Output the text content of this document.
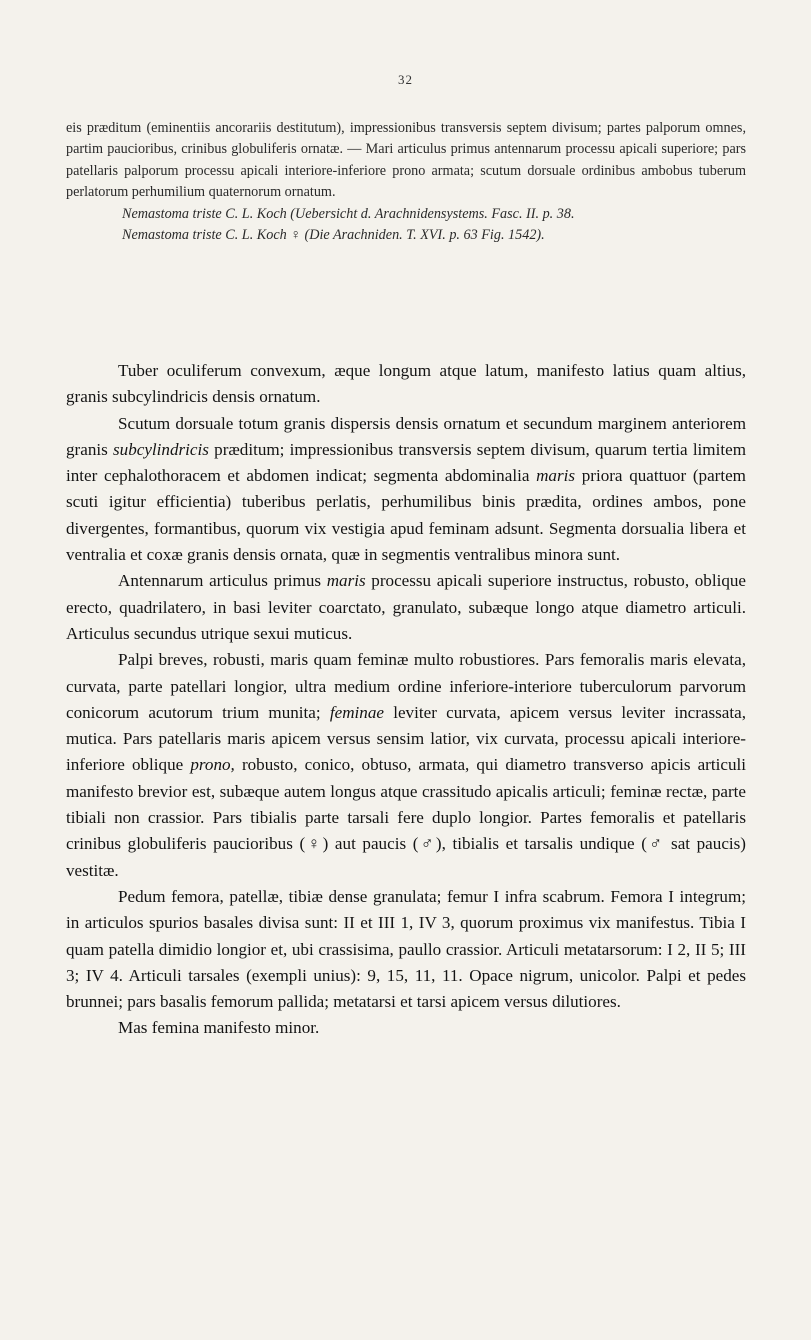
32

eis præditum (eminentiis ancorariis destitutum), impressionibus transversis septem divisum; partes palporum omnes, partim paucioribus, crinibus globuliferis ornatæ. — Mari articulus primus antennarum processu apicali superiore; pars patellaris palporum processu apicali interiore-inferiore prono armata; scutum dorsuale ordinibus ambobus tuberum perlatorum perhumilium quaternorum ornatum.

Nemastoma triste C. L. Koch (Uebersicht d. Arachnidensystems. Fasc. II. p. 38.

Nemastoma triste C. L. Koch ♀ (Die Arachniden. T. XVI. p. 63 Fig. 1542).

Tuber oculiferum convexum, æque longum atque latum, manifesto latius quam altius, granis subcylindricis densis ornatum.

Scutum dorsuale totum granis dispersis densis ornatum et secundum marginem anteriorem granis subcylindricis præditum; impressionibus transversis septem divisum, quarum tertia limitem inter cephalothoracem et abdomen indicat; segmenta abdominalia maris priora quattuor (partem scuti igitur efficientia) tuberibus perlatis, perhumilibus binis prædita, ordines ambos, pone divergentes, formantibus, quorum vix vestigia apud feminam adsunt. Segmenta dorsualia libera et ventralia et coxæ granis densis ornata, quæ in segmentis ventralibus minora sunt.

Antennarum articulus primus maris processu apicali superiore instructus, robusto, oblique erecto, quadrilatero, in basi leviter coarctato, granulato, subæque longo atque diametro articuli. Articulus secundus utrique sexui muticus.

Palpi breves, robusti, maris quam feminæ multo robustiores. Pars femoralis maris elevata, curvata, parte patellari longior, ultra medium ordine inferiore-interiore tuberculorum parvorum conicorum acutorum trium munita; feminae leviter curvata, apicem versus leviter incrassata, mutica. Pars patellaris maris apicem versus sensim latior, vix curvata, processu apicali interiore-inferiore oblique prono, robusto, conico, obtuso, armata, qui diametro transverso apicis articuli manifesto brevior est, subæque autem longus atque crassitudo apicalis articuli; feminæ rectæ, parte tibiali non crassior. Pars tibialis parte tarsali fere duplo longior. Partes femoralis et patellaris crinibus globuliferis paucioribus (♀) aut paucis (♂), tibialis et tarsalis undique (♂ sat paucis) vestitæ.

Pedum femora, patellæ, tibiæ dense granulata; femur I infra scabrum. Femora I integrum; in articulos spurios basales divisa sunt: II et III 1, IV 3, quorum proximus vix manifestus. Tibia I quam patella dimidio longior et, ubi crassisima, paullo crassior. Articuli metatarsorum: I 2, II 5; III 3; IV 4. Articuli tarsales (exempli unius): 9, 15, 11, 11. Opace nigrum, unicolor. Palpi et pedes brunnei; pars basalis femorum pallida; metatarsi et tarsi apicem versus dilutiores.

Mas femina manifesto minor.
